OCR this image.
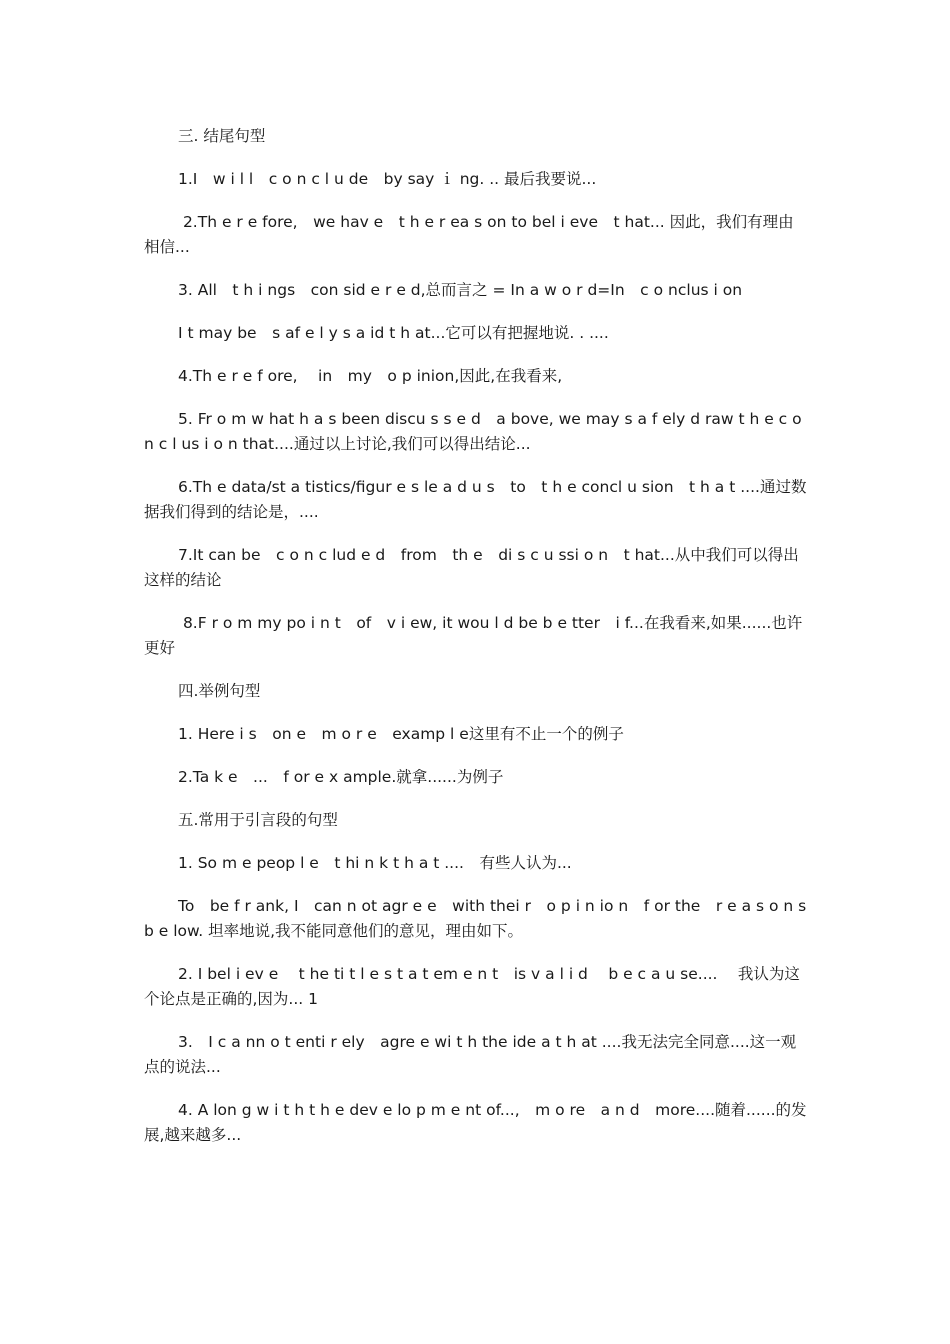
三. 结尾句型

1.I　w i l l　c o n c l u de　by say ｉ ng. .. 最后我要说...

2.Th e r e fore,　we hav e　t h e r ea s on to bel i eve　t hat... 因此，我们有理由相信...

3. All　t h i ngs　con sid e r e d,总而言之 = In a w o r d=In　c o nclus i on

I t may be　s af e l y s a id t h at...它可以有把握地说. . ....

4.Th e r e f ore,　 in　my　o p inion,因此,在我看来,

5. Fr o m w hat h a s been discu s s e d　a bove, we may s a f ely d raw t h e c on c l us i o n that....通过以上讨论,我们可以得出结论...

6.Th e data/st a tistics/figur e s le a d u s　to　t h e concl u sion　t h a t ....通过数据我们得到的结论是，....

7.It can be　c o n c lud e d　from　th e　di s c u ssi o n　t hat...从中我们可以得出这样的结论

8.F r o m my po i n t　of　v i ew, it wou l d be b e tter　i f...在我看来,如果......也许更好

四.举例句型

1. Here i s　on e　m o r e　examp l e这里有不止一个的例子

2.Ta k e　...　f or e x ample.就拿......为例子

五.常用于引言段的句型

1. So m e peop l e　t hi n k t h a t ....　有些人认为...

To　be f r ank, I　can n ot agr e e　with thei r　o p i n io n　f or the　r e a s o n s　b e low. 坦率地说,我不能同意他们的意见，理由如下。

2. I bel i ev e　 t he ti t l e s t a t em e n t　is v a l i d　 b e c a u se....　 我认为这个论点是正确的,因为... 1

3.　I c a nn o t enti r ely　agre e wi t h the ide a t h at ....我无法完全同意....这一观点的说法...

4. A lon g w i t h t h e dev e lo p m e nt of...,　m o re　a n d　more....随着......的发展,越来越多...
